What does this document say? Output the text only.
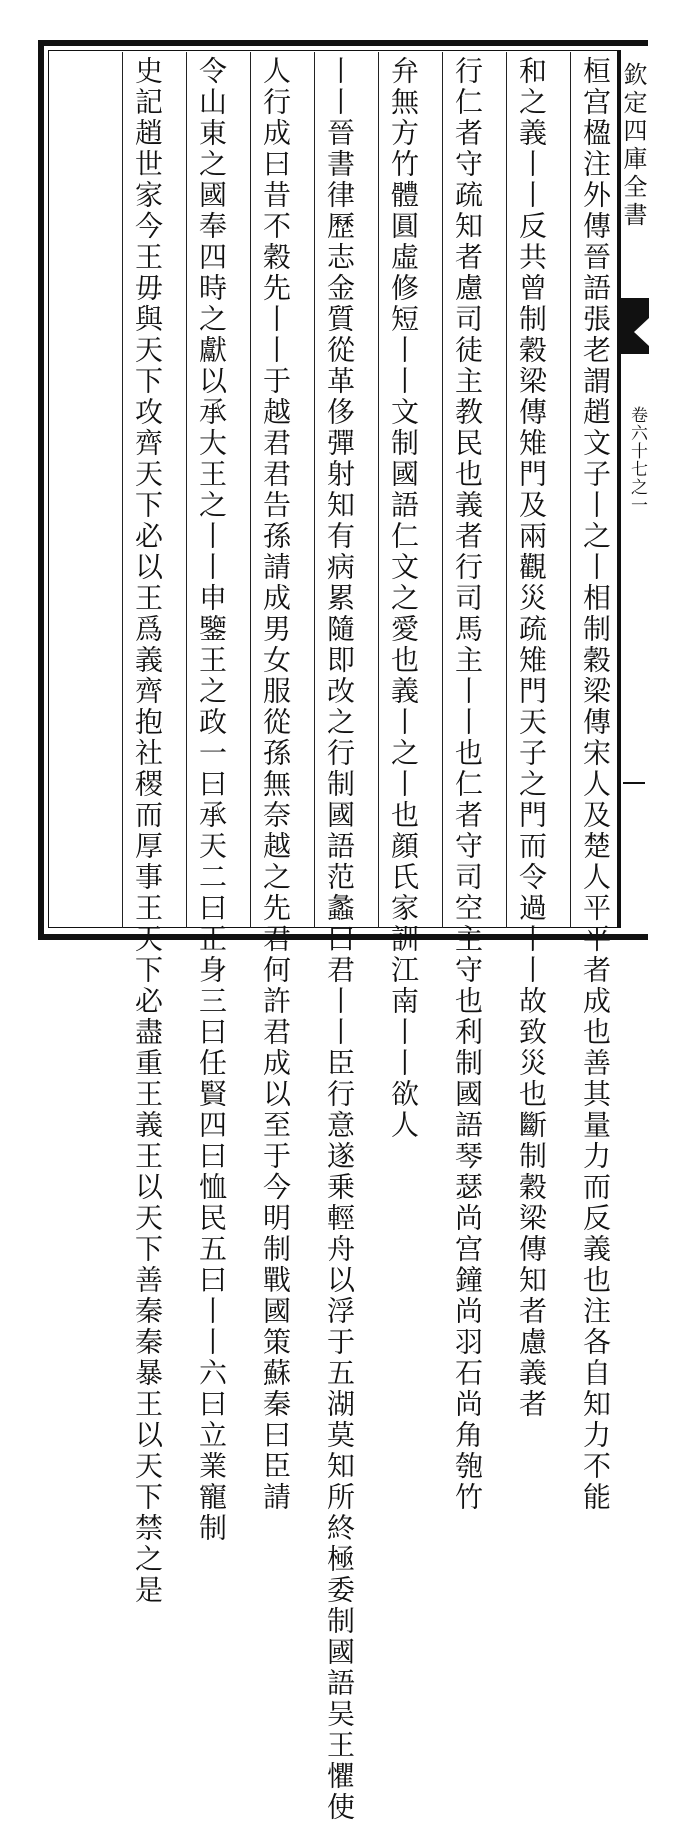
桓宫楹注外傳晉語張老謂趙文子丨之丨相制穀梁傳宋人及楚人平平者成也善其量力而反義也注各自知力不能
和之義丨丨反共曾制穀梁傳雉門及兩觀災疏雉門天子之門而令過丨丨故致災也斷制穀梁傳知者慮義者
行仁者守疏知者慮司徒主教民也義者行司馬主丨丨也仁者守司空主守也利制國語琴瑟尚宫鐘尚羽石尚角匏竹
弁無方竹體圓虛修短丨丨文制國語仁文之愛也義丨之丨也顔氏家訓江南丨丨欲人
丨丨晉書律歷志金質從革侈彈射知有病累隨即改之行制國語范蠡曰君丨丨臣行意遂乗輕舟以浮于五湖莫知所終極委制國語吴王懼使
人行成曰昔不穀先丨丨于越君君告孫請成男女服從孫無奈越之先君何許君成以至于今明制戰國策蘇秦曰臣請
令山東之國奉四時之獻以承大王之丨丨申鑒王之政一曰承天二曰正身三曰任賢四曰恤民五曰丨丨六曰立業寵制
史記趙世家今王毋與天下攻齊天下必以王爲義齊抱社稷而厚事王天下必盡重王義王以天下善秦秦暴王以天下禁之是	欽定四庫全書
卷六十七之一
